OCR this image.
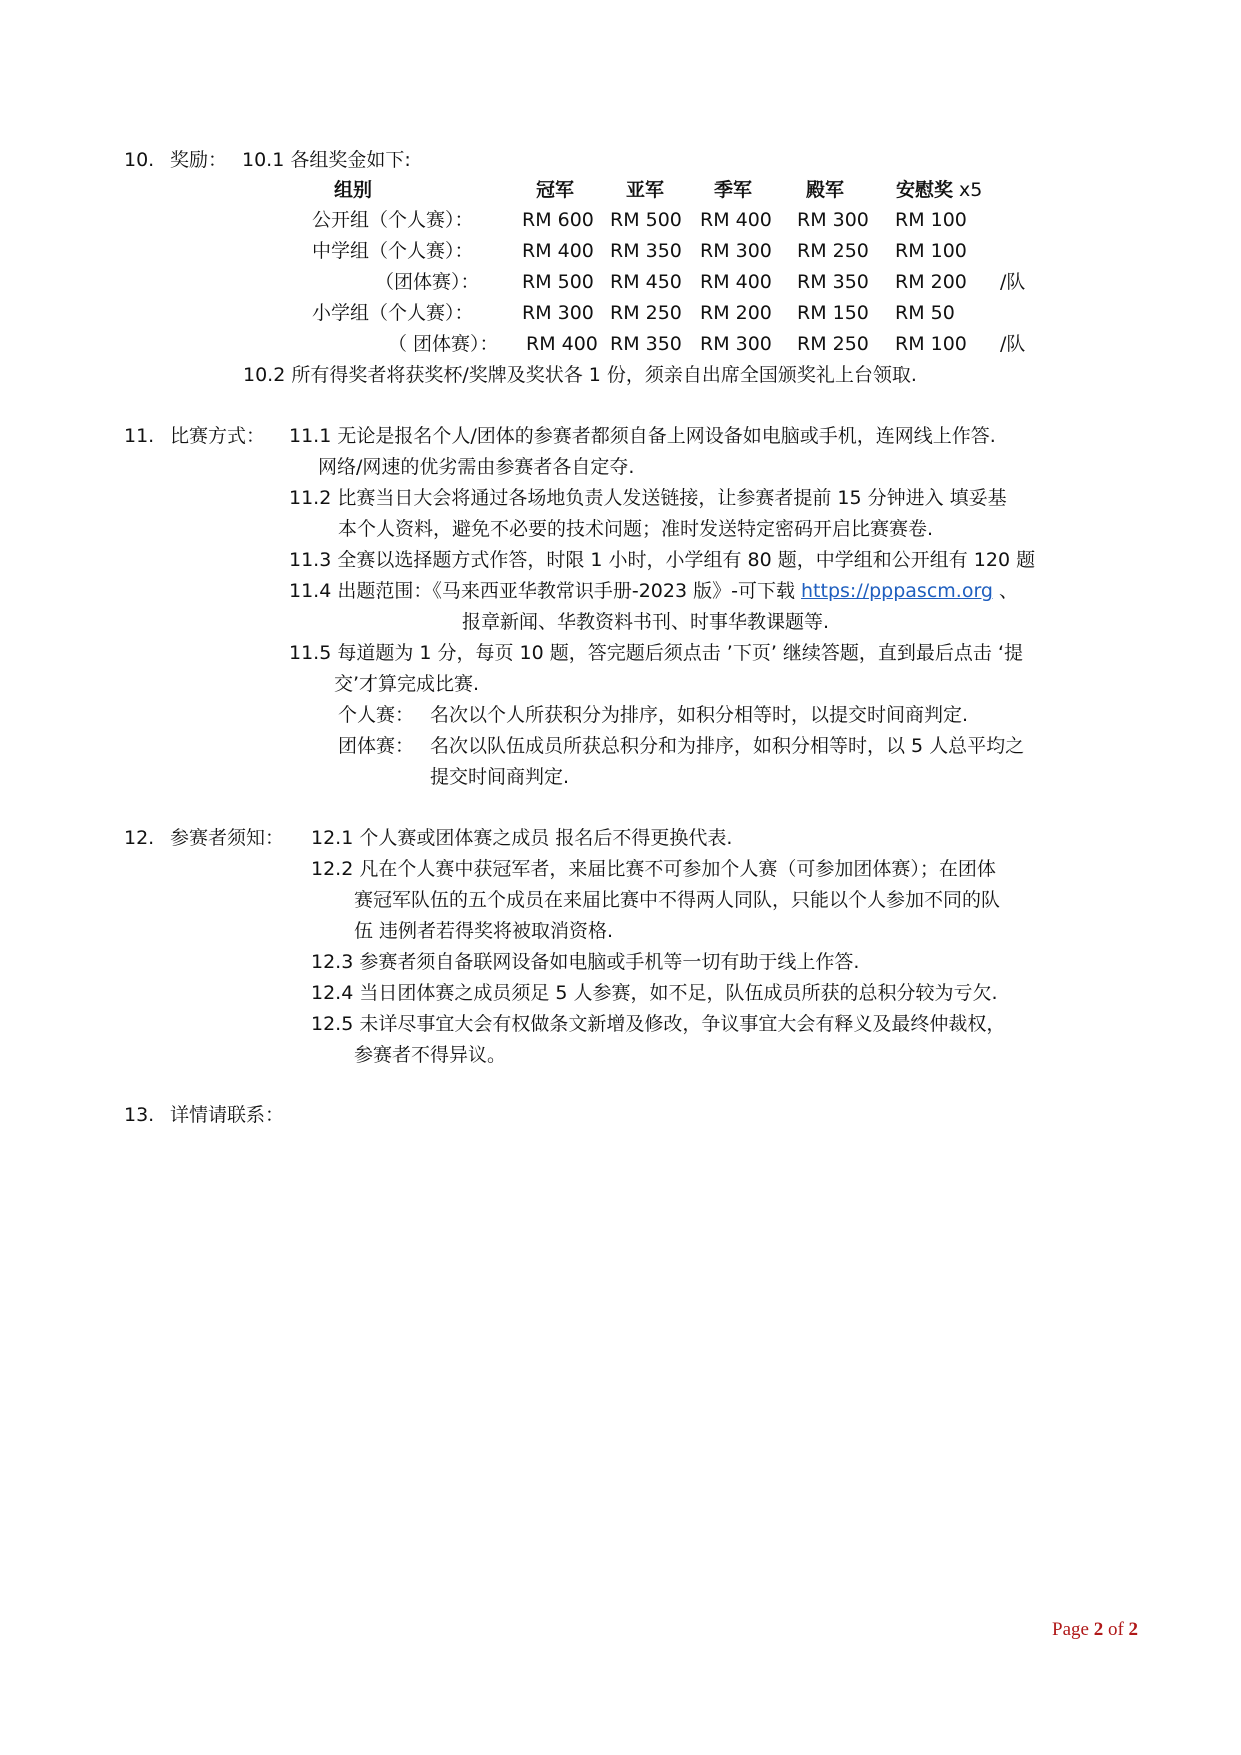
10. 奖励： 10.1 各组奖金如下:
组别	冠军	亚军	季军	殿军	安慰奖 x5
公开组（个人赛）：	RM 600 RM 500 RM 400 RM 300 RM 100
中学组（个人赛）：	RM 400 RM 350 RM 300 RM 250 RM 100
（团体赛）： RM 500 RM 450 RM 400 RM 350 RM 200 /队
小学组（个人赛）：	RM 300 RM 250 RM 200 RM 150 RM 50
（ 团体赛）： RM 400 RM 350 RM 300 RM 250 RM 100 /队
10.2 所有得奖者将获奖杯/奖牌及奖状各 1 份，须亲自出席全国颁奖礼上台领取.
11. 比赛方式： 11.1 无论是报名个人/团体的参赛者都须自备上网设备如电脑或手机，连网线上作答.
网络/网速的优劣需由参赛者各自定夺.
11.2 比赛当日大会将通过各场地负责人发送链接，让参赛者提前 15 分钟进入 填妥基
本个人资料，避免不必要的技术问题；准时发送特定密码开启比赛赛卷.
11.3 全赛以选择题方式作答，时限 1 小时，小学组有 80 题，中学组和公开组有 120 题
11.4 出题范围：《马来西亚华教常识手册-2023 版》-可下载 https://pppascm.org 、
报章新闻、华教资料书刊、时事华教课题等.
11.5 每道题为 1 分，每页 10 题，答完题后须点击 ’下页’ 继续答题，直到最后点击 ‘提
交’才算完成比赛.
个人赛： 名次以个人所获积分为排序，如积分相等时，以提交时间商判定.
团体赛： 名次以队伍成员所获总积分和为排序，如积分相等时，以 5 人总平均之
提交时间商判定.
12. 参赛者须知： 12.1 个人赛或团体赛之成员 报名后不得更换代表.
12.2 凡在个人赛中获冠军者，来届比赛不可参加个人赛（可参加团体赛）；在团体
赛冠军队伍的五个成员在来届比赛中不得两人同队，只能以个人参加不同的队
伍 违例者若得奖将被取消资格.
12.3 参赛者须自备联网设备如电脑或手机等一切有助于线上作答.
12.4 当日团体赛之成员须足 5 人参赛，如不足，队伍成员所获的总积分较为亏欠.
12.5 未详尽事宜大会有权做条文新增及修改，争议事宜大会有释义及最终仲裁权，
参赛者不得异议。
13. 详情请联系：
Page 2 of 2
